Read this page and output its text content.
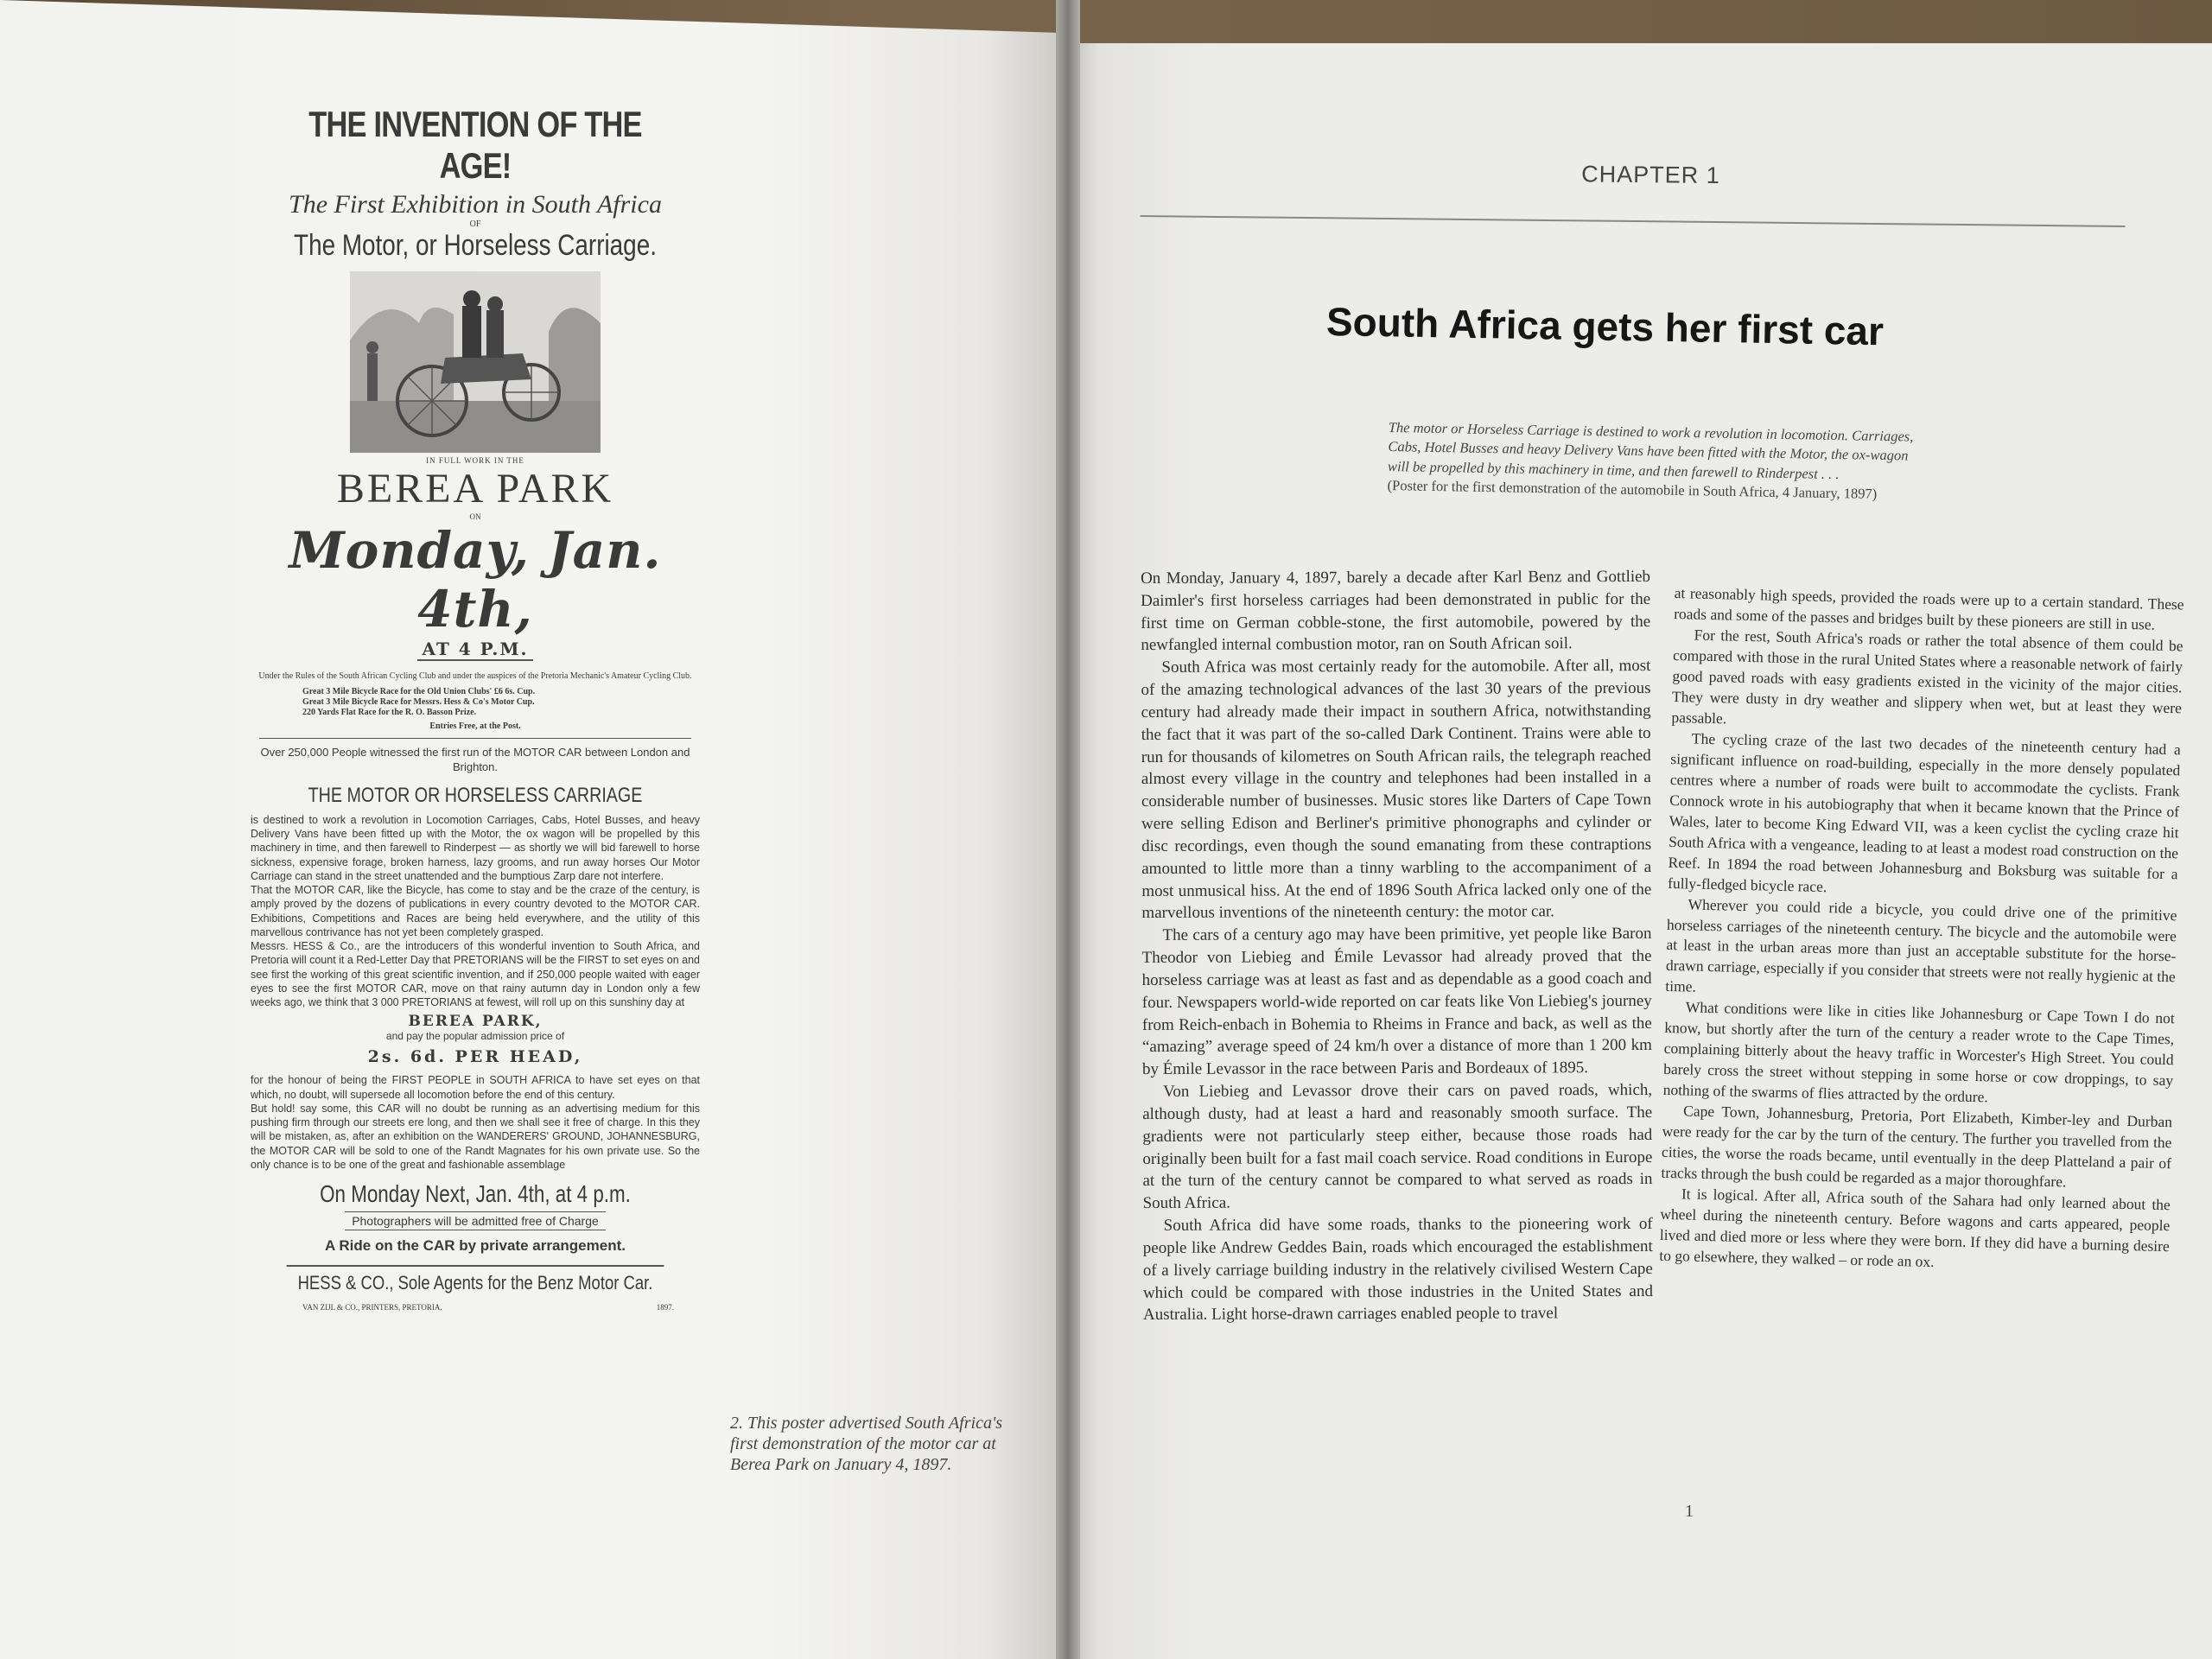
THE INVENTION OF THE AGE!

The First Exhibition in South Africa

OF

The Motor, or Horseless Carriage.

IN FULL WORK IN THE

BEREA PARK

ON

Monday, Jan. 4th,

AT 4 P.M.

Under the Rules of the South African Cycling Club and under the auspices of the Pretoria Mechanic's Amateur Cycling Club.

Great 3 Mile Bicycle Race for the Old Union Clubs' £6 6s. Cup.
Great 3 Mile Bicycle Race for Messrs. Hess & Co's Motor Cup.
220 Yards Flat Race for the R. O. Basson Prize.

Entries Free, at the Post.

Over 250,000 People witnessed the first run of the MOTOR CAR between London and Brighton.

THE MOTOR OR HORSELESS CARRIAGE

is destined to work a revolution in Locomotion Carriages, Cabs, Hotel Busses, and heavy Delivery Vans have been fitted up with the Motor, the ox wagon will be propelled by this machinery in time, and then farewell to Rinderpest — as shortly we will bid farewell to horse sickness, expensive forage, broken harness, lazy grooms, and run away horses Our Motor Carriage can stand in the street unattended and the bumptious Zarp dare not interfere.

That the MOTOR CAR, like the Bicycle, has come to stay and be the craze of the century, is amply proved by the dozens of publications in every country devoted to the MOTOR CAR. Exhibitions, Competitions and Races are being held everywhere, and the utility of this marvellous contrivance has not yet been completely grasped.

Messrs. HESS & Co., are the introducers of this wonderful invention to South Africa, and Pretoria will count it a Red-Letter Day that PRETORIANS will be the FIRST to set eyes on and see first the working of this great scientific invention, and if 250,000 people waited with eager eyes to see the first MOTOR CAR, move on that rainy autumn day in London only a few weeks ago, we think that 3 000 PRETORIANS at fewest, will roll up on this sunshiny day at

BEREA PARK,

and pay the popular admission price of

2s. 6d. PER HEAD,

for the honour of being the FIRST PEOPLE in SOUTH AFRICA to have set eyes on that which, no doubt, will supersede all locomotion before the end of this century.

But hold! say some, this CAR will no doubt be running as an advertising medium for this pushing firm through our streets ere long, and then we shall see it free of charge. In this they will be mistaken, as, after an exhibition on the WANDERERS' GROUND, JOHANNESBURG, the MOTOR CAR will be sold to one of the Randt Magnates for his own private use. So the only chance is to be one of the great and fashionable assemblage

On Monday Next, Jan. 4th, at 4 p.m.

Photographers will be admitted free of Charge

A Ride on the CAR by private arrangement.

HESS & CO., Sole Agents for the Benz Motor Car.

VAN ZIJL & CO., PRINTERS, PRETORIA.	1897.
2. This poster advertised South Africa's first demonstration of the motor car at Berea Park on January 4, 1897.
CHAPTER 1
South Africa gets her first car
The motor or Horseless Carriage is destined to work a revolution in locomotion. Carriages, Cabs, Hotel Busses and heavy Delivery Vans have been fitted with the Motor, the ox-wagon will be propelled by this machinery in time, and then farewell to Rinderpest . . .
(Poster for the first demonstration of the automobile in South Africa, 4 January, 1897)

On Monday, January 4, 1897, barely a decade after Karl Benz and Gottlieb Daimler's first horseless carriages had been demonstrated in public for the first time on German cobble-stone, the first automobile, powered by the newfangled internal combustion motor, ran on South African soil.

South Africa was most certainly ready for the automobile. After all, most of the amazing technological advances of the last 30 years of the previous century had already made their impact in southern Africa, notwithstanding the fact that it was part of the so-called Dark Continent. Trains were able to run for thousands of kilometres on South African rails, the telegraph reached almost every village in the country and telephones had been installed in a considerable number of businesses. Music stores like Darters of Cape Town were selling Edison and Berliner's primitive phonographs and cylinder or disc recordings, even though the sound emanating from these contraptions amounted to little more than a tinny warbling to the accompaniment of a most unmusical hiss. At the end of 1896 South Africa lacked only one of the marvellous inventions of the nineteenth century: the motor car.

The cars of a century ago may have been primitive, yet people like Baron Theodor von Liebieg and Émile Levassor had already proved that the horseless carriage was at least as fast and as dependable as a good coach and four. Newspapers world-wide reported on car feats like Von Liebieg's journey from Reich-enbach in Bohemia to Rheims in France and back, as well as the “amazing” average speed of 24 km/h over a distance of more than 1 200 km by Émile Levassor in the race between Paris and Bordeaux of 1895.

Von Liebieg and Levassor drove their cars on paved roads, which, although dusty, had at least a hard and reasonably smooth surface. The gradients were not particularly steep either, because those roads had originally been built for a fast mail coach service. Road conditions in Europe at the turn of the century cannot be compared to what served as roads in South Africa.

South Africa did have some roads, thanks to the pioneering work of people like Andrew Geddes Bain, roads which encouraged the establishment of a lively carriage building industry in the relatively civilised Western Cape which could be compared with those industries in the United States and Australia. Light horse-drawn carriages enabled people to travel

at reasonably high speeds, provided the roads were up to a certain standard. These roads and some of the passes and bridges built by these pioneers are still in use.

For the rest, South Africa's roads or rather the total absence of them could be compared with those in the rural United States where a reasonable network of fairly good paved roads with easy gradients existed in the vicinity of the major cities. They were dusty in dry weather and slippery when wet, but at least they were passable.

The cycling craze of the last two decades of the nineteenth century had a significant influence on road-building, especially in the more densely populated centres where a number of roads were built to accommodate the cyclists. Frank Connock wrote in his autobiography that when it became known that the Prince of Wales, later to become King Edward VII, was a keen cyclist the cycling craze hit South Africa with a vengeance, leading to at least a modest road construction on the Reef. In 1894 the road between Johannesburg and Boksburg was suitable for a fully-fledged bicycle race.

Wherever you could ride a bicycle, you could drive one of the primitive horseless carriages of the nineteenth century. The bicycle and the automobile were at least in the urban areas more than just an acceptable substitute for the horse-drawn carriage, especially if you consider that streets were not really hygienic at the time.

What conditions were like in cities like Johannesburg or Cape Town I do not know, but shortly after the turn of the century a reader wrote to the Cape Times, complaining bitterly about the heavy traffic in Worcester's High Street. You could barely cross the street without stepping in some horse or cow droppings, to say nothing of the swarms of flies attracted by the ordure.

Cape Town, Johannesburg, Pretoria, Port Elizabeth, Kimber-ley and Durban were ready for the car by the turn of the century. The further you travelled from the cities, the worse the roads became, until eventually in the deep Platteland a pair of tracks through the bush could be regarded as a major thoroughfare.

It is logical. After all, Africa south of the Sahara had only learned about the wheel during the nineteenth century. Before wagons and carts appeared, people lived and died more or less where they were born. If they did have a burning desire to go elsewhere, they walked – or rode an ox.

1
